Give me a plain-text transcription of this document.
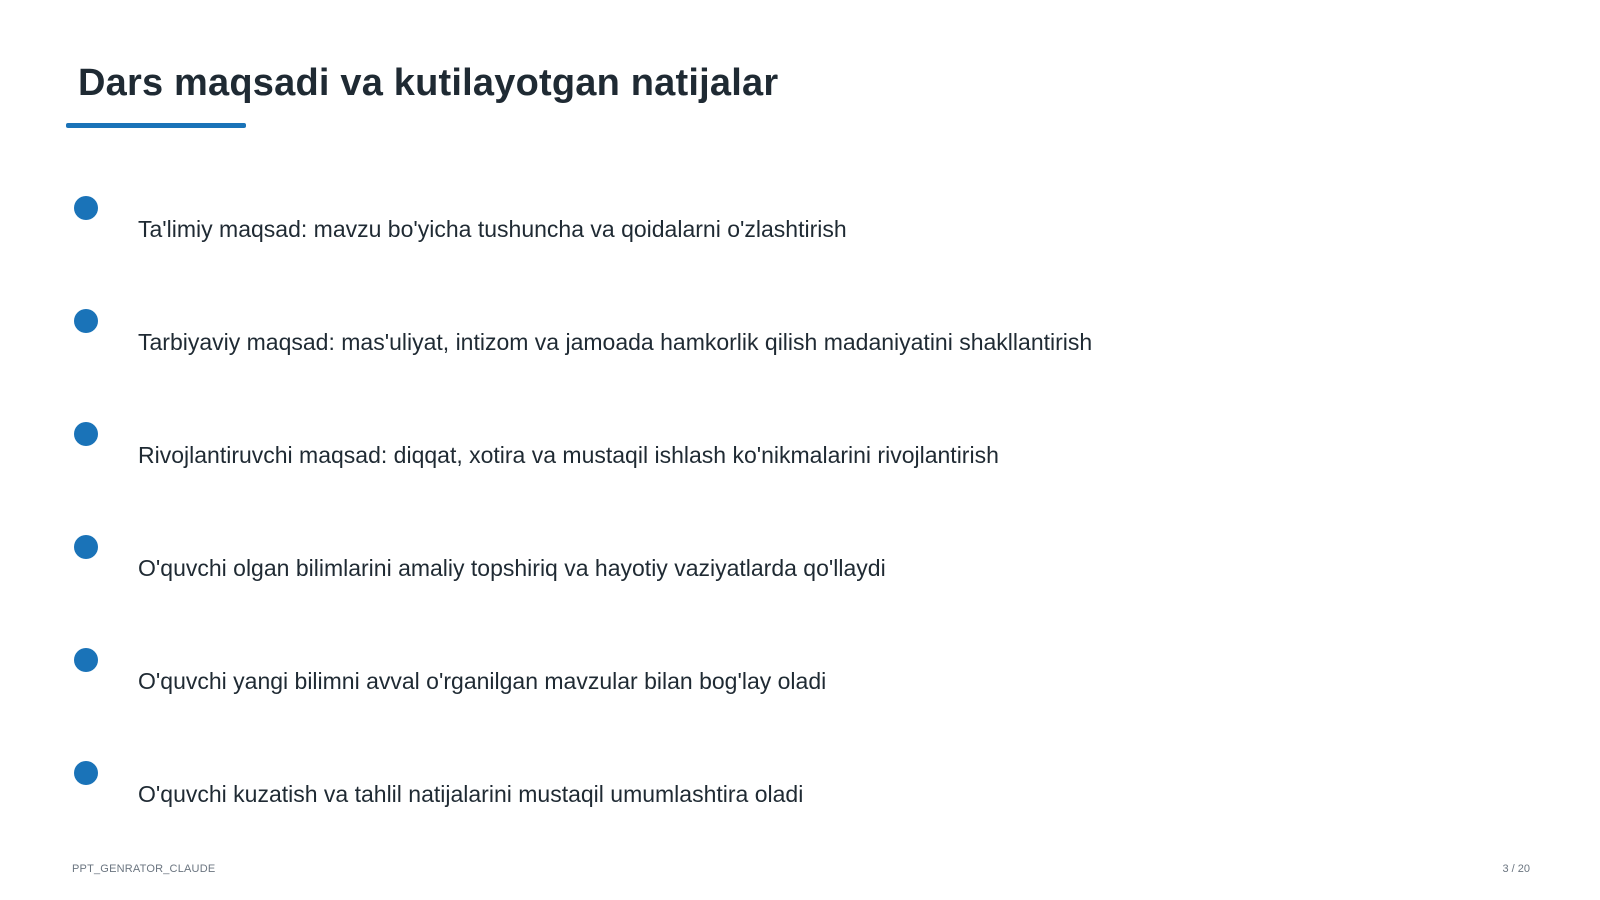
Dars maqsadi va kutilayotgan natijalar
Ta'limiy maqsad: mavzu bo'yicha tushuncha va qoidalarni o'zlashtirish
Tarbiyaviy maqsad: mas'uliyat, intizom va jamoada hamkorlik qilish madaniyatini shakllantirish
Rivojlantiruvchi maqsad: diqqat, xotira va mustaqil ishlash ko'nikmalarini rivojlantirish
O'quvchi olgan bilimlarini amaliy topshiriq va hayotiy vaziyatlarda qo'llaydi
O'quvchi yangi bilimni avval o'rganilgan mavzular bilan bog'lay oladi
O'quvchi kuzatish va tahlil natijalarini mustaqil umumlashtira oladi
PPT_GENRATOR_CLAUDE	3 / 20
